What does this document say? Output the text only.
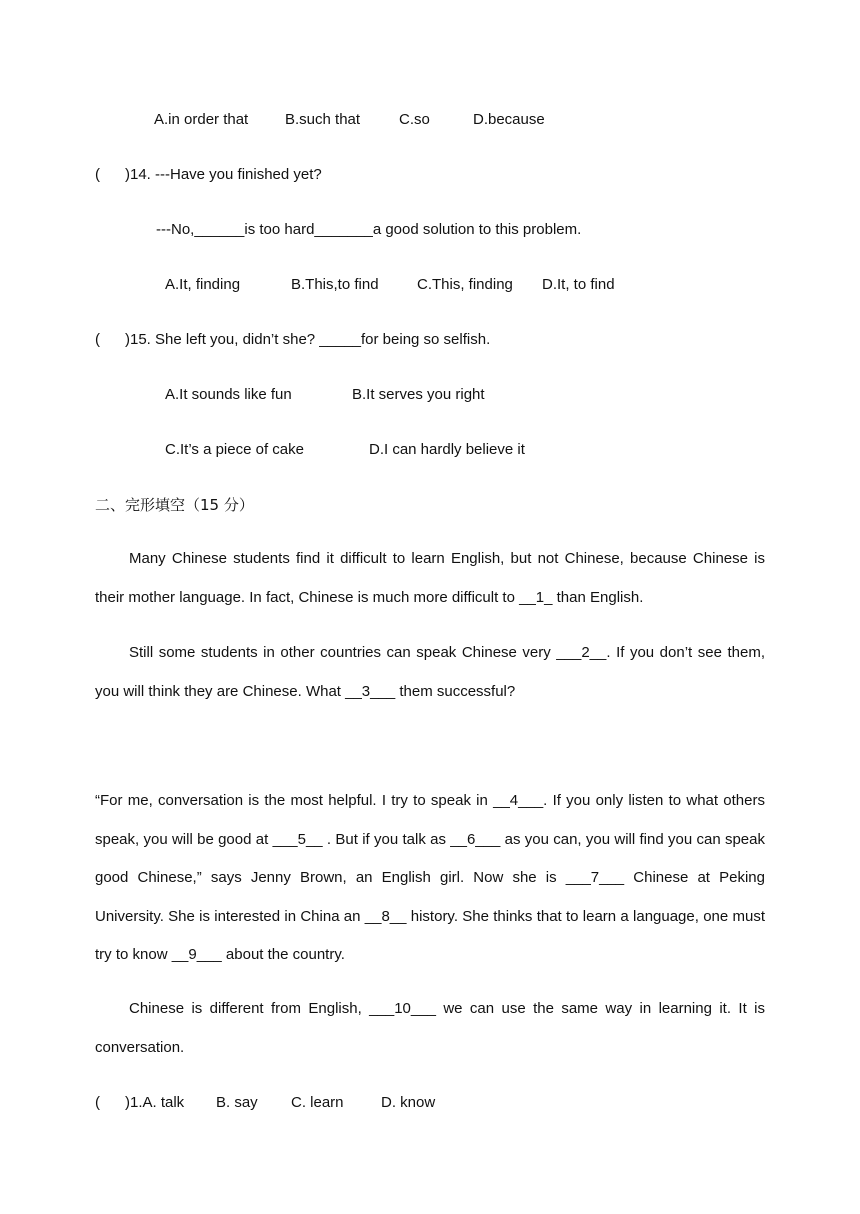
A.in order that B.such that	C.so	D.because
(      )14. ---Have you finished yet?
---No,______is too hard_______a good solution to this problem.
A.It, finding	B.This,to find	C.This, finding D.It, to find
(      )15. She left you, didn’t she? _____for being so selfish.
A.It sounds like fun	B.It serves you right
C.It’s a piece of cake	D.I can hardly believe it
二、完形填空（15 分）
Many Chinese students find it difficult to learn English, but not Chinese, because Chinese is their mother language. In fact, Chinese is much more difficult to __1_ than English.
Still some students in other countries can speak Chinese very ___2__. If you don’t see them, you will think they are Chinese. What __3___ them successful?
“For me, conversation is the most helpful. I try to speak in __4___. If you only listen to what others speak, you will be good at ___5__ . But if you talk as __6___ as you can, you will find you can speak good Chinese,” says Jenny Brown, an English girl. Now she is ___7___ Chinese at Peking University. She is interested in China an __8__ history. She thinks that to learn a language, one must try to know __9___ about the country.
Chinese is different from English, ___10___ we can use the same way in learning it. It is conversation.
(      )1.A. talk B. say C. learn D. know
